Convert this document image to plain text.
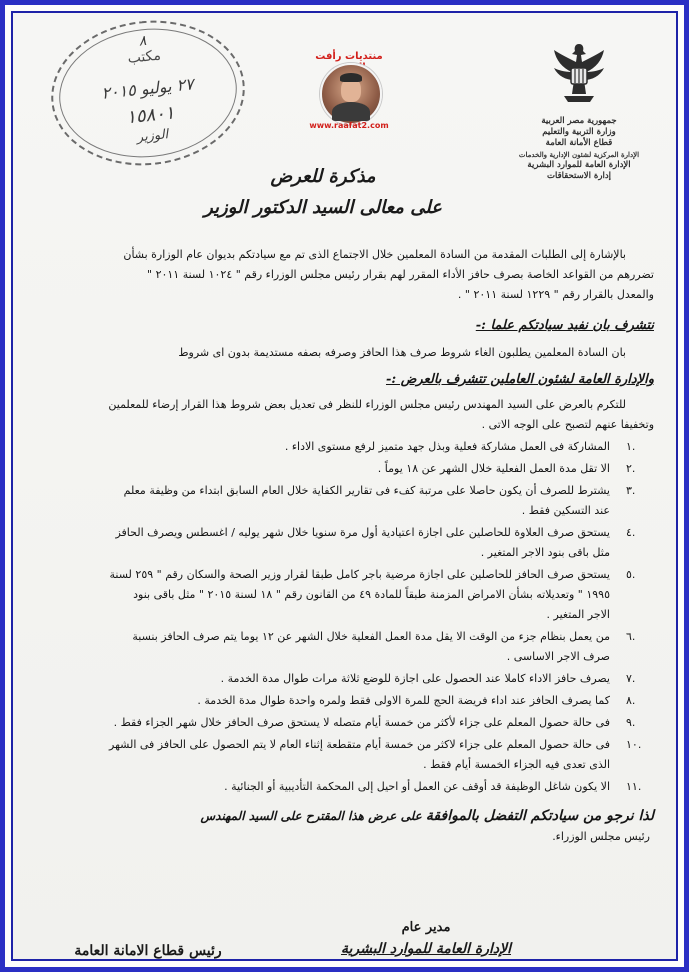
٨
مكتب
٢٧ يوليو ٢٠١٥
١٥٨٠١
الوزير
منتديات رأفت
www.raafat2.com	جمهورية مصر العربية
وزارة التربية والتعليم
قطاع الأمانة العامة
الإدارة المركزية لشئون الإدارية والخدمات
الإدارة العامة للموارد البشرية
إدارة الاستحقاقات
مذكرة للعرض
على معالى السيد الدكتور الوزير
بالإشارة إلى الطلبات المقدمة من السادة المعلمين خلال الاجتماع الذى تم مع سيادتكم بديوان عام الوزارة بشأن
تضررهم من القواعد الخاصة بصرف حافز الأداء المقرر لهم بقرار رئيس مجلس الوزراء رقم " ١٠٢٤ لسنة ٢٠١١ "
والمعدل بالقرار رقم " ١٢٢٩ لسنة ٢٠١١ " .
نتشرف بان نفيد سيادتكم علما :-
بان السادة المعلمين يطلبون الغاء شروط صرف هذا الحافز وصرفه بصفه مستديمة بدون اى شروط
والإدارة العامة لشئون العاملين تتشرف بالعرض :-
للتكرم بالعرض على السيد المهندس رئيس مجلس الوزراء للنظر فى تعديل بعض شروط هذا القرار إرضاء للمعلمين
وتخفيفا عنهم لتصبح على الوجه الاتى .
١.
المشاركة فى العمل مشاركة فعلية وبذل جهد متميز لرفع مستوى الاداء .
٢.
الا تقل مدة العمل الفعلية خلال الشهر عن ١٨ يوماً .
٣.
يشترط للصرف أن يكون حاصلا على مرتبة كفء فى تقارير الكفاية خلال العام السابق ابتداء من وظيفة معلم
عند التسكين فقط .
٤.
يستحق صرف العلاوة للحاصلين على اجازة اعتيادية أول مرة سنويا خلال شهر يوليه / اغسطس ويصرف الحافز
مثل باقى بنود الاجر المتغير .
٥.
يستحق صرف الحافز للحاصلين على اجازة مرضية باجر كامل طبقا لقرار وزير الصحة والسكان رقم " ٢٥٩ لسنة
١٩٩٥ " وتعديلاته بشأن الامراض المزمنة طبقاً للمادة ٤٩ من القانون رقم " ١٨ لسنة ٢٠١٥ " مثل باقى بنود
الاجر المتغير .
٦.
من يعمل بنظام جزء من الوقت الا يقل مدة العمل الفعلية خلال الشهر عن ١٢ يوما يتم صرف الحافز بنسبة
صرف الاجر الاساسى .
٧.
يصرف حافز الاداء كاملا عند الحصول على اجازة للوضع ثلاثة مرات طوال مدة الخدمة .
٨.
كما يصرف الحافز عند اداء فريضة الحج للمرة الاولى فقط ولمره واحدة طوال مدة الخدمة .
٩.
فى حالة حصول المعلم على جزاء لأكثر من خمسة أيام متصله لا يستحق صرف الحافز خلال شهر الجزاء فقط .
١٠.
فى حالة حصول المعلم على جزاء لاكثر من خمسة أيام متقطعة إثناء العام لا يتم الحصول على الحافز فى الشهر
الذى تعدى فيه الجزاء الخمسة أيام فقط .
١١.
الا يكون شاغل الوظيفة قد أوقف عن العمل أو احيل إلى المحكمة التأديبية أو الجنائية .
لذا نرجو من سيادتكم التفضل بالموافقة على عرض هذا المقترح على السيد المهندس
رئيس مجلس الوزراء.
مدير عام
الإدارة العامة للموارد البشرية
رئيس قطاع الامانة العامة
